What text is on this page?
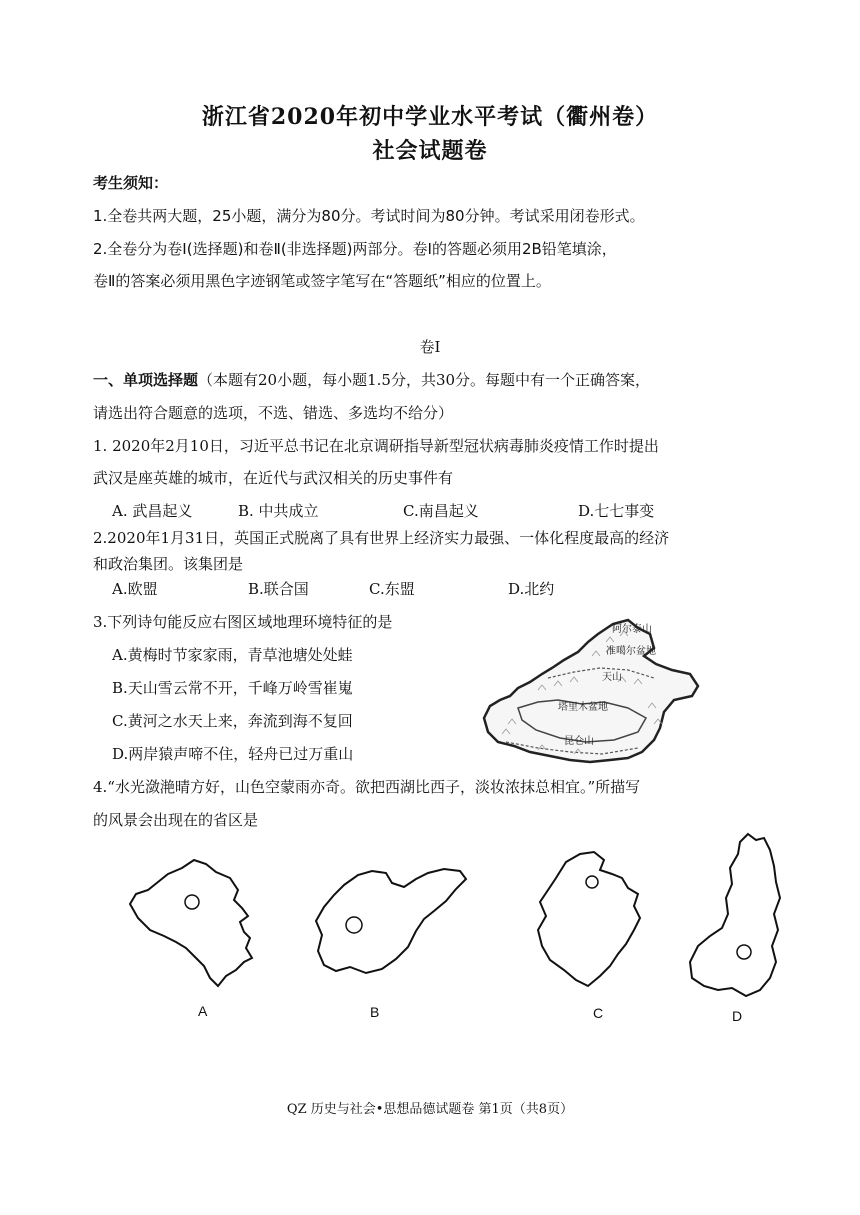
浙江省2020年初中学业水平考试（衢州卷）
社会试题卷
考生须知：
1.全卷共两大题，25小题，满分为80分。考试时间为80分钟。考试采用闭卷形式。
2.全卷分为卷Ⅰ(选择题)和卷Ⅱ(非选择题)两部分。卷Ⅰ的答题必须用2B铅笔填涂，
卷Ⅱ的答案必须用黑色字迹钢笔或签字笔写在“答题纸”相应的位置上。
卷Ⅰ
一、单项选择题（本题有20小题，每小题1.5分，共30分。每题中有一个正确答案，
请选出符合题意的选项，不选、错选、多选均不给分）
1. 2020年2月10日，习近平总书记在北京调研指导新型冠状病毒肺炎疫情工作时提出
武汉是座英雄的城市，在近代与武汉相关的历史事件有
A. 武昌起义	B. 中共成立	C.南昌起义	D.七七事变
2.2020年1月31日，英国正式脱离了具有世界上经济实力最强、一体化程度最高的经济
和政治集团。该集团是
A.欧盟	B.联合国	C.东盟	D.北约
3.下列诗句能反应右图区域地理环境特征的是
A.黄梅时节家家雨，青草池塘处处蛙
B.天山雪云常不开，千峰万岭雪崔嵬
C.黄河之水天上来，奔流到海不复回
D.两岸猿声啼不住，轻舟已过万重山
阿尔泰山
准噶尔盆地
天山
塔里木盆地
昆仑山
4.“水光潋滟晴方好，山色空蒙雨亦奇。欲把西湖比西子，淡妆浓抹总相宜。”所描写
的风景会出现在的省区是
A	B	C	D
QZ 历史与社会•思想品德试题卷 第1页（共8页）
